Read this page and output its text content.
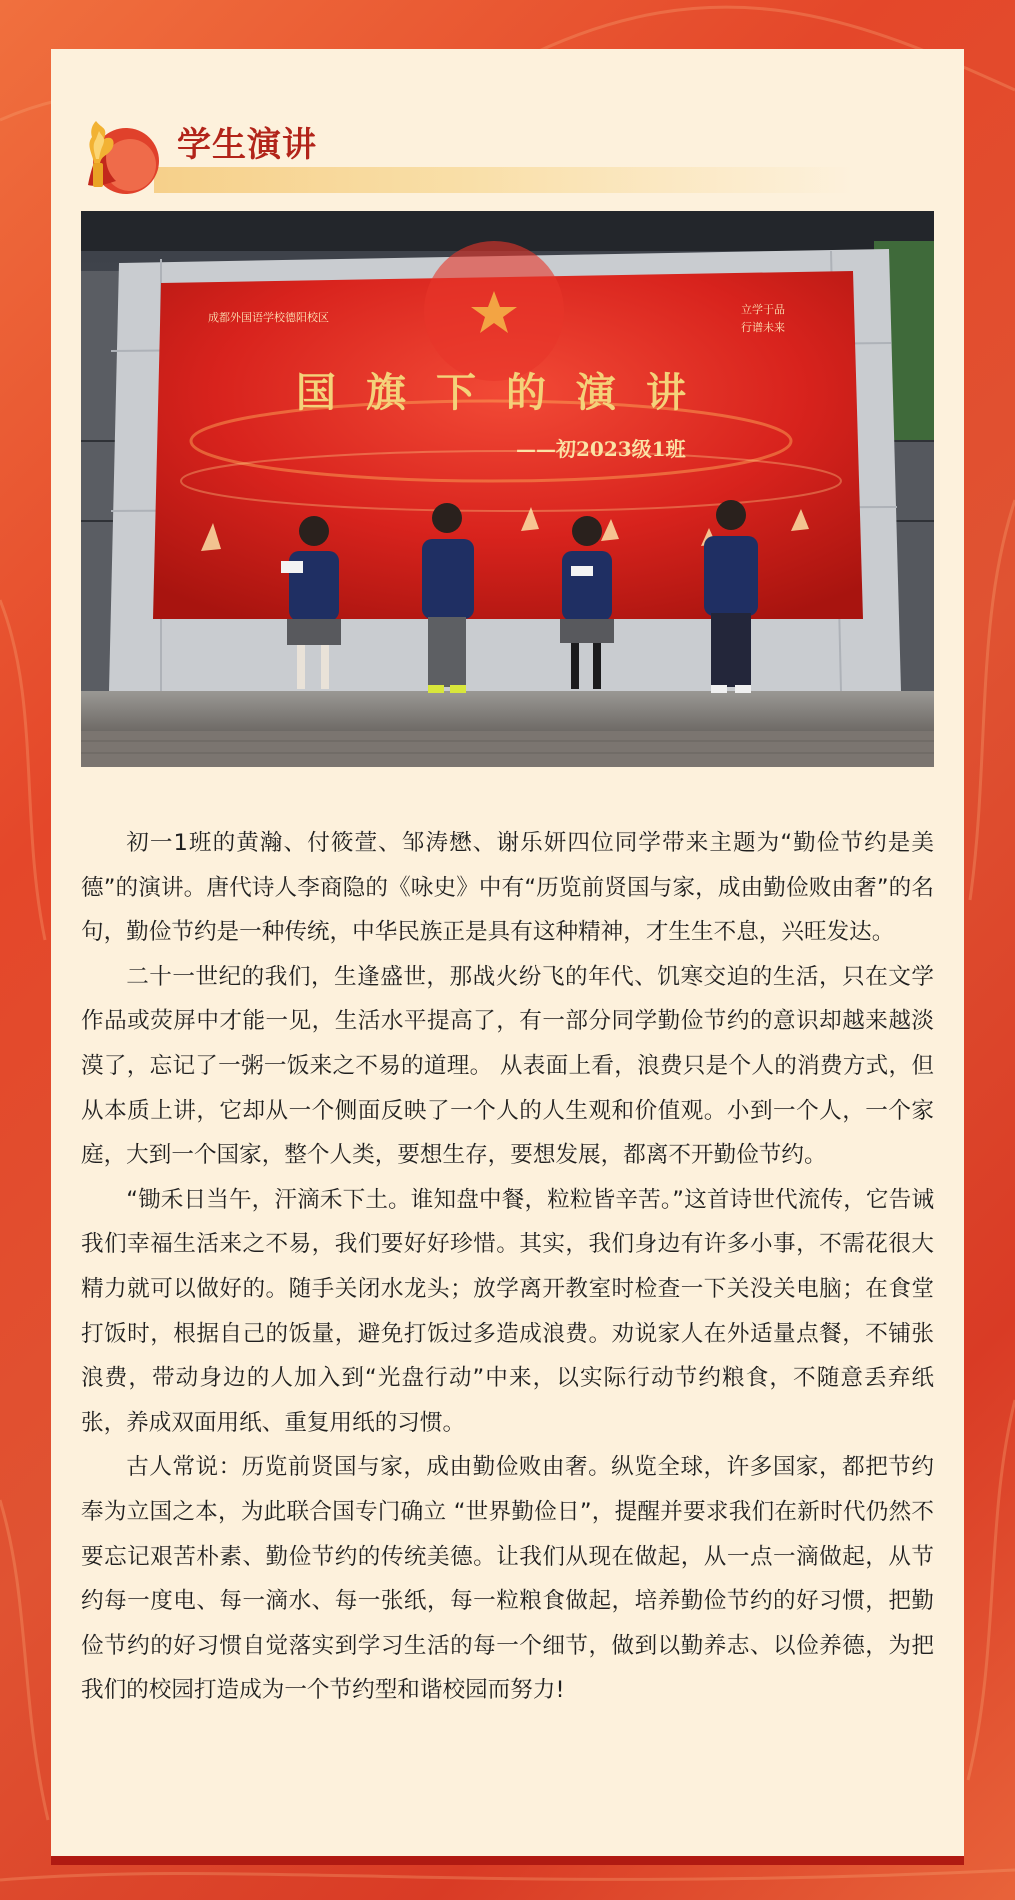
学生演讲
国旗下的演讲
——初2023级1班
成都外国语学校德阳校区
立学于品
行谱未来

初一1班的黄瀚、付筱萱、邹涛懋、谢乐妍四位同学带来主题为“勤俭节约是美德”的演讲。唐代诗人李商隐的《咏史》中有“历览前贤国与家，成由勤俭败由奢”的名句，勤俭节约是一种传统，中华民族正是具有这种精神，才生生不息，兴旺发达。

二十一世纪的我们，生逢盛世，那战火纷飞的年代、饥寒交迫的生活，只在文学作品或荧屏中才能一见，生活水平提高了，有一部分同学勤俭节约的意识却越来越淡漠了，忘记了一粥一饭来之不易的道理。 从表面上看，浪费只是个人的消费方式，但从本质上讲，它却从一个侧面反映了一个人的人生观和价值观。小到一个人，一个家庭，大到一个国家，整个人类，要想生存，要想发展，都离不开勤俭节约。

“锄禾日当午，汗滴禾下土。谁知盘中餐，粒粒皆辛苦。”这首诗世代流传，它告诫我们幸福生活来之不易，我们要好好珍惜。其实，我们身边有许多小事，不需花很大精力就可以做好的。随手关闭水龙头；放学离开教室时检查一下关没关电脑；在食堂打饭时，根据自己的饭量，避免打饭过多造成浪费。劝说家人在外适量点餐，不铺张浪费，带动身边的人加入到“光盘行动”中来，以实际行动节约粮食，不随意丢弃纸张，养成双面用纸、重复用纸的习惯。

古人常说：历览前贤国与家，成由勤俭败由奢。纵览全球，许多国家，都把节约奉为立国之本，为此联合国专门确立 “世界勤俭日”，提醒并要求我们在新时代仍然不要忘记艰苦朴素、勤俭节约的传统美德。让我们从现在做起，从一点一滴做起，从节约每一度电、每一滴水、每一张纸，每一粒粮食做起，培养勤俭节约的好习惯，把勤俭节约的好习惯自觉落实到学习生活的每一个细节，做到以勤养志、以俭养德，为把我们的校园打造成为一个节约型和谐校园而努力!
